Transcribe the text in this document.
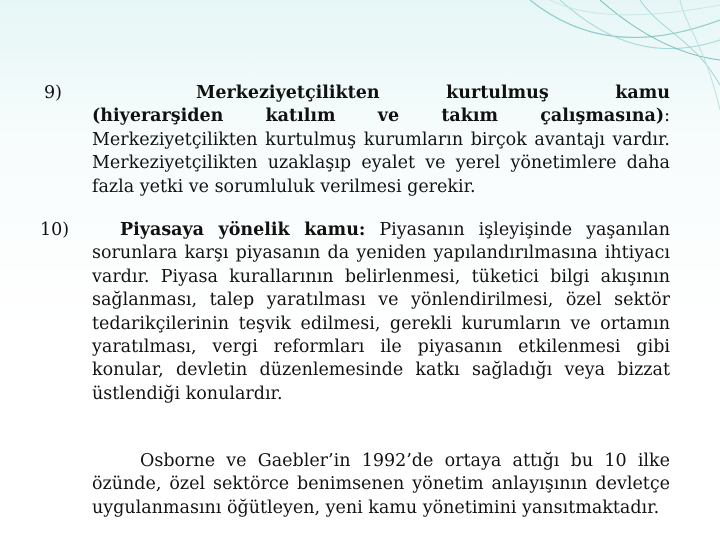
9)	Merkeziyetçilikten kurtulmuş kamu (hiyerarşiden katılım ve takım çalışmasına): Merkeziyetçilikten kurtulmuş kurumların birçok avantajı vardır. Merkeziyetçilikten uzaklaşıp eyalet ve yerel yönetimlere daha fazla yetki ve sorumluluk verilmesi gerekir.

10)	Piyasaya yönelik kamu: Piyasanın işleyişinde yaşanılan sorunlara karşı piyasanın da yeniden yapılandırılmasına ihtiyacı vardır. Piyasa kurallarının belirlenmesi, tüketici bilgi akışının sağlanması, talep yaratılması ve yönlendirilmesi, özel sektör tedarikçilerinin teşvik edilmesi, gerekli kurumların ve ortamın yaratılması, vergi reformları ile piyasanın etkilenmesi gibi konular, devletin düzenlemesinde katkı sağladığı veya bizzat üstlendiği konulardır.

Osborne ve Gaebler’in 1992’de ortaya attığı bu 10 ilke özünde, özel sektörce benimsenen yönetim anlayışının devletçe uygulanmasını öğütleyen, yeni kamu yönetimini yansıtmaktadır.
